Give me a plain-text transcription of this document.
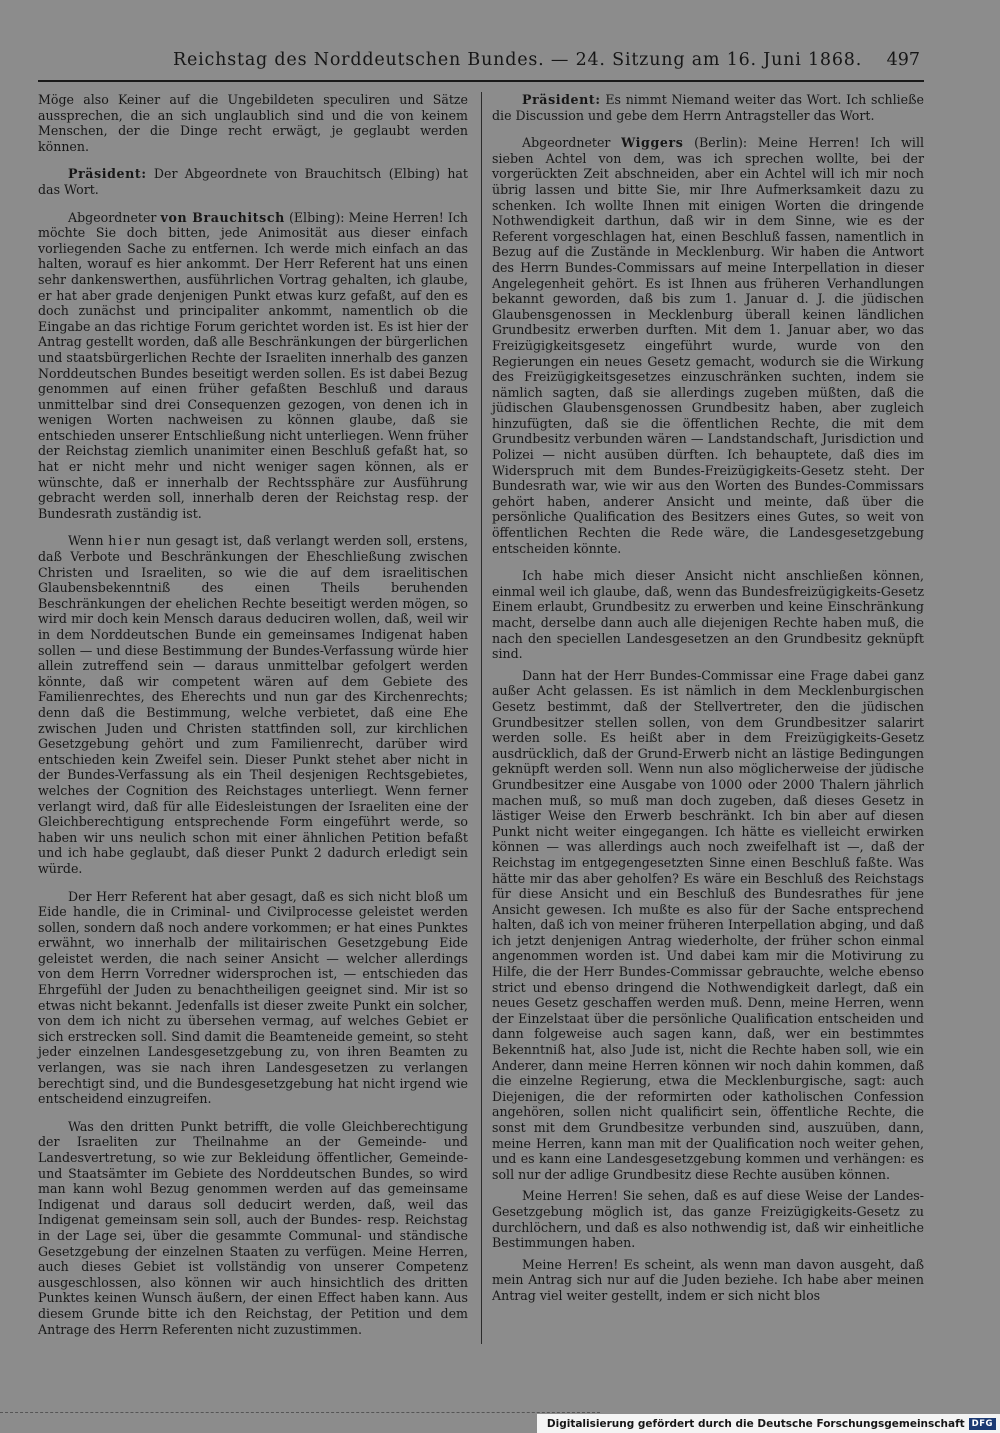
Reichstag des Norddeutschen Bundes. — 24. Sitzung am 16. Juni 1868. 497

Möge also Keiner auf die Ungebildeten speculiren und Sätze aussprechen, die an sich unglaublich sind und die von keinem Menschen, der die Dinge recht erwägt, je geglaubt werden können.

Präsident: Der Abgeordnete von Brauchitsch (Elbing) hat das Wort.

Abgeordneter von Brauchitsch (Elbing): Meine Herren! Ich möchte Sie doch bitten, jede Animosität aus dieser einfach vorliegenden Sache zu entfernen. Ich werde mich einfach an das halten, worauf es hier ankommt. Der Herr Referent hat uns einen sehr dankenswerthen, ausführlichen Vortrag gehalten, ich glaube, er hat aber grade denjenigen Punkt etwas kurz gefaßt, auf den es doch zunächst und principaliter ankommt, namentlich ob die Eingabe an das richtige Forum gerichtet worden ist. Es ist hier der Antrag gestellt worden, daß alle Beschränkungen der bürgerlichen und staatsbürgerlichen Rechte der Israeliten innerhalb des ganzen Norddeutschen Bundes beseitigt werden sollen. Es ist dabei Bezug genommen auf einen früher gefaßten Beschluß und daraus unmittelbar sind drei Consequenzen gezogen, von denen ich in wenigen Worten nachweisen zu können glaube, daß sie entschieden unserer Entschließung nicht unterliegen. Wenn früher der Reichstag ziemlich unanimiter einen Beschluß gefaßt hat, so hat er nicht mehr und nicht weniger sagen können, als er wünschte, daß er innerhalb der Rechtssphäre zur Ausführung gebracht werden soll, innerhalb deren der Reichstag resp. der Bundesrath zuständig ist.

Wenn hier nun gesagt ist, daß verlangt werden soll, erstens, daß Verbote und Beschränkungen der Eheschließung zwischen Christen und Israeliten, so wie die auf dem israelitischen Glaubensbekenntniß des einen Theils beruhenden Beschränkungen der ehelichen Rechte beseitigt werden mögen, so wird mir doch kein Mensch daraus deduciren wollen, daß, weil wir in dem Norddeutschen Bunde ein gemeinsames Indigenat haben sollen — und diese Bestimmung der Bundes-Verfassung würde hier allein zutreffend sein — daraus unmittelbar gefolgert werden könnte, daß wir competent wären auf dem Gebiete des Familienrechtes, des Eherechts und nun gar des Kirchenrechts; denn daß die Bestimmung, welche verbietet, daß eine Ehe zwischen Juden und Christen stattfinden soll, zur kirchlichen Gesetzgebung gehört und zum Familienrecht, darüber wird entschieden kein Zweifel sein. Dieser Punkt stehet aber nicht in der Bundes-Verfassung als ein Theil desjenigen Rechtsgebietes, welches der Cognition des Reichstages unterliegt. Wenn ferner verlangt wird, daß für alle Eidesleistungen der Israeliten eine der Gleichberechtigung entsprechende Form eingeführt werde, so haben wir uns neulich schon mit einer ähnlichen Petition befaßt und ich habe geglaubt, daß dieser Punkt 2 dadurch erledigt sein würde.

Der Herr Referent hat aber gesagt, daß es sich nicht bloß um Eide handle, die in Criminal- und Civilprocesse geleistet werden sollen, sondern daß noch andere vorkommen; er hat eines Punktes erwähnt, wo innerhalb der militairischen Gesetzgebung Eide geleistet werden, die nach seiner Ansicht — welcher allerdings von dem Herrn Vorredner widersprochen ist, — entschieden das Ehrgefühl der Juden zu benachtheiligen geeignet sind. Mir ist so etwas nicht bekannt. Jedenfalls ist dieser zweite Punkt ein solcher, von dem ich nicht zu übersehen vermag, auf welches Gebiet er sich erstrecken soll. Sind damit die Beamteneide gemeint, so steht jeder einzelnen Landesgesetzgebung zu, von ihren Beamten zu verlangen, was sie nach ihren Landesgesetzen zu verlangen berechtigt sind, und die Bundesgesetzgebung hat nicht irgend wie entscheidend einzugreifen.

Was den dritten Punkt betrifft, die volle Gleichberechtigung der Israeliten zur Theilnahme an der Gemeinde- und Landesvertretung, so wie zur Bekleidung öffentlicher, Gemeinde- und Staatsämter im Gebiete des Norddeutschen Bundes, so wird man kann wohl Bezug genommen werden auf das gemeinsame Indigenat und daraus soll deducirt werden, daß, weil das Indigenat gemeinsam sein soll, auch der Bundes- resp. Reichstag in der Lage sei, über die gesammte Communal- und ständische Gesetzgebung der einzelnen Staaten zu verfügen. Meine Herren, auch dieses Gebiet ist vollständig von unserer Competenz ausgeschlossen, also können wir auch hinsichtlich des dritten Punktes keinen Wunsch äußern, der einen Effect haben kann. Aus diesem Grunde bitte ich den Reichstag, der Petition und dem Antrage des Herrn Referenten nicht zuzustimmen.

Präsident: Es nimmt Niemand weiter das Wort. Ich schließe die Discussion und gebe dem Herrn Antragsteller das Wort.

Abgeordneter Wiggers (Berlin): Meine Herren! Ich will sieben Achtel von dem, was ich sprechen wollte, bei der vorgerückten Zeit abschneiden, aber ein Achtel will ich mir noch übrig lassen und bitte Sie, mir Ihre Aufmerksamkeit dazu zu schenken. Ich wollte Ihnen mit einigen Worten die dringende Nothwendigkeit darthun, daß wir in dem Sinne, wie es der Referent vorgeschlagen hat, einen Beschluß fassen, namentlich in Bezug auf die Zustände in Mecklenburg. Wir haben die Antwort des Herrn Bundes-Commissars auf meine Interpellation in dieser Angelegenheit gehört. Es ist Ihnen aus früheren Verhandlungen bekannt geworden, daß bis zum 1. Januar d. J. die jüdischen Glaubensgenossen in Mecklenburg überall keinen ländlichen Grundbesitz erwerben durften. Mit dem 1. Januar aber, wo das Freizügigkeitsgesetz eingeführt wurde, wurde von den Regierungen ein neues Gesetz gemacht, wodurch sie die Wirkung des Freizügigkeitsgesetzes einzuschränken suchten, indem sie nämlich sagten, daß sie allerdings zugeben müßten, daß die jüdischen Glaubensgenossen Grundbesitz haben, aber zugleich hinzufügten, daß sie die öffentlichen Rechte, die mit dem Grundbesitz verbunden wären — Landstandschaft, Jurisdiction und Polizei — nicht ausüben dürften. Ich behauptete, daß dies im Widerspruch mit dem Bundes-Freizügigkeits-Gesetz steht. Der Bundesrath war, wie wir aus den Worten des Bundes-Commissars gehört haben, anderer Ansicht und meinte, daß über die persönliche Qualification des Besitzers eines Gutes, so weit von öffentlichen Rechten die Rede wäre, die Landesgesetzgebung entscheiden könnte.

Ich habe mich dieser Ansicht nicht anschließen können, einmal weil ich glaube, daß, wenn das Bundesfreizügigkeits-Gesetz Einem erlaubt, Grundbesitz zu erwerben und keine Einschränkung macht, derselbe dann auch alle diejenigen Rechte haben muß, die nach den speciellen Landesgesetzen an den Grundbesitz geknüpft sind.

Dann hat der Herr Bundes-Commissar eine Frage dabei ganz außer Acht gelassen. Es ist nämlich in dem Mecklenburgischen Gesetz bestimmt, daß der Stellvertreter, den die jüdischen Grundbesitzer stellen sollen, von dem Grundbesitzer salarirt werden solle. Es heißt aber in dem Freizügigkeits-Gesetz ausdrücklich, daß der Grund-Erwerb nicht an lästige Bedingungen geknüpft werden soll. Wenn nun also möglicherweise der jüdische Grundbesitzer eine Ausgabe von 1000 oder 2000 Thalern jährlich machen muß, so muß man doch zugeben, daß dieses Gesetz in lästiger Weise den Erwerb beschränkt. Ich bin aber auf diesen Punkt nicht weiter eingegangen. Ich hätte es vielleicht erwirken können — was allerdings auch noch zweifelhaft ist —, daß der Reichstag im entgegengesetzten Sinne einen Beschluß faßte. Was hätte mir das aber geholfen? Es wäre ein Beschluß des Reichstags für diese Ansicht und ein Beschluß des Bundesrathes für jene Ansicht gewesen. Ich mußte es also für der Sache entsprechend halten, daß ich von meiner früheren Interpellation abging, und daß ich jetzt denjenigen Antrag wiederholte, der früher schon einmal angenommen worden ist. Und dabei kam mir die Motivirung zu Hilfe, die der Herr Bundes-Commissar gebrauchte, welche ebenso strict und ebenso dringend die Nothwendigkeit darlegt, daß ein neues Gesetz geschaffen werden muß. Denn, meine Herren, wenn der Einzelstaat über die persönliche Qualification entscheiden und dann folgeweise auch sagen kann, daß, wer ein bestimmtes Bekenntniß hat, also Jude ist, nicht die Rechte haben soll, wie ein Anderer, dann meine Herren können wir noch dahin kommen, daß die einzelne Regierung, etwa die Mecklenburgische, sagt: auch Diejenigen, die der reformirten oder katholischen Confession angehören, sollen nicht qualificirt sein, öffentliche Rechte, die sonst mit dem Grundbesitze verbunden sind, auszuüben, dann, meine Herren, kann man mit der Qualification noch weiter gehen, und es kann eine Landesgesetzgebung kommen und verhängen: es soll nur der adlige Grundbesitz diese Rechte ausüben können.

Meine Herren! Sie sehen, daß es auf diese Weise der Landes-Gesetzgebung möglich ist, das ganze Freizügigkeits-Gesetz zu durchlöchern, und daß es also nothwendig ist, daß wir einheitliche Bestimmungen haben.

Meine Herren! Es scheint, als wenn man davon ausgeht, daß mein Antrag sich nur auf die Juden beziehe. Ich habe aber meinen Antrag viel weiter gestellt, indem er sich nicht blos

Digitalisierung gefördert durch die Deutsche Forschungsgemeinschaft DFG
